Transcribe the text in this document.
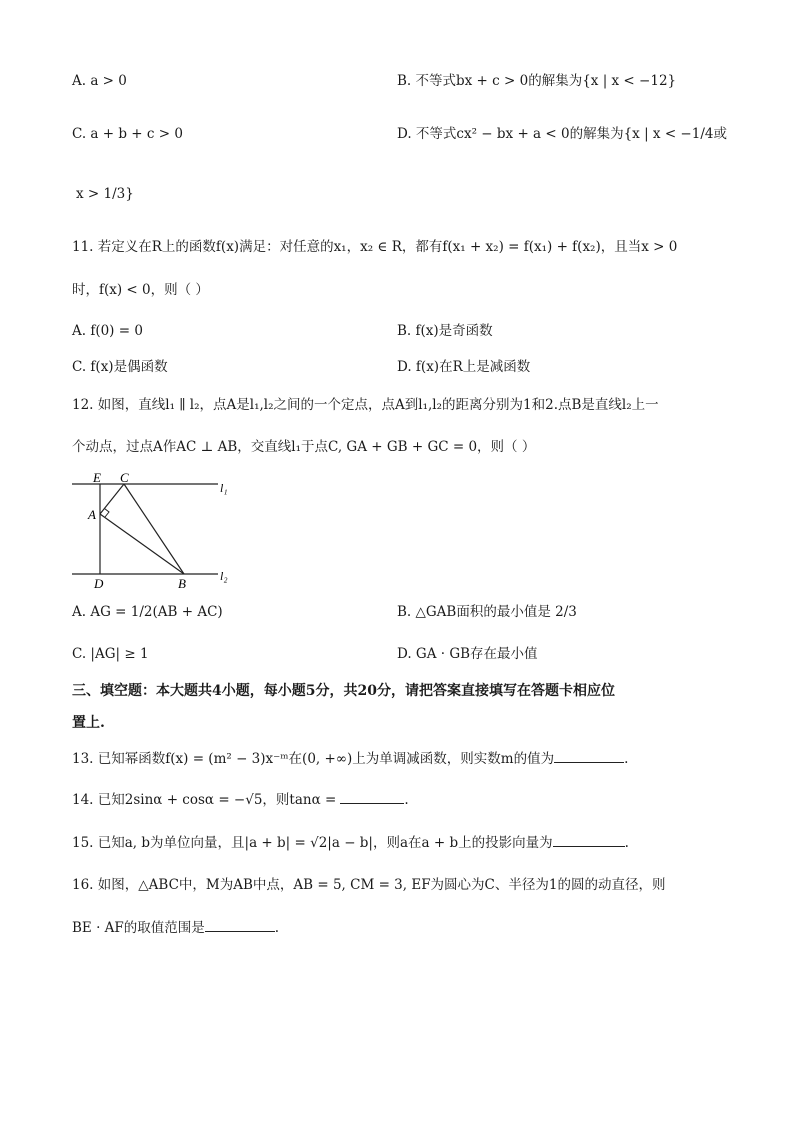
A. a > 0	B. 不等式bx + c > 0的解集为{x | x < −12}
C. a + b + c > 0	D. 不等式cx² − bx + a < 0的解集为{x | x < −1/4或
x > 1/3}
11. 若定义在R上的函数f(x)满足：对任意的x₁，x₂ ∈ R，都有f(x₁ + x₂) = f(x₁) + f(x₂)，且当x > 0
时，f(x) < 0，则（ ）
A. f(0) = 0	B. f(x)是奇函数
C. f(x)是偶函数	D. f(x)在R上是减函数
12. 如图，直线l₁ ∥ l₂，点A是l₁,l₂之间的一个定点，点A到l₁,l₂的距离分别为1和2.点B是直线l₂上一
个动点，过点A作AC ⊥ AB，交直线l₁于点C, GA + GB + GC = 0，则（ ）
E C
A
D	B
l₁
l₂
A. AG = 1/2(AB + AC)	B. △GAB面积的最小值是 2/3
C. |AG| ≥ 1	D. GA · GB存在最小值
三、填空题：本大题共4小题，每小题5分，共20分，请把答案直接填写在答题卡相应位
置上.
13. 已知幂函数f(x) = (m² − 3)x⁻ᵐ在(0, +∞)上为单调减函数，则实数m的值为	.
14. 已知2sinα + cosα = −√5，则tanα =	.
15. 已知a, b为单位向量，且|a + b| = √2|a − b|，则a在a + b上的投影向量为	.
16. 如图，△ABC中，M为AB中点，AB = 5, CM = 3, EF为圆心为C、半径为1的圆的动直径，则
BE · AF的取值范围是	.
